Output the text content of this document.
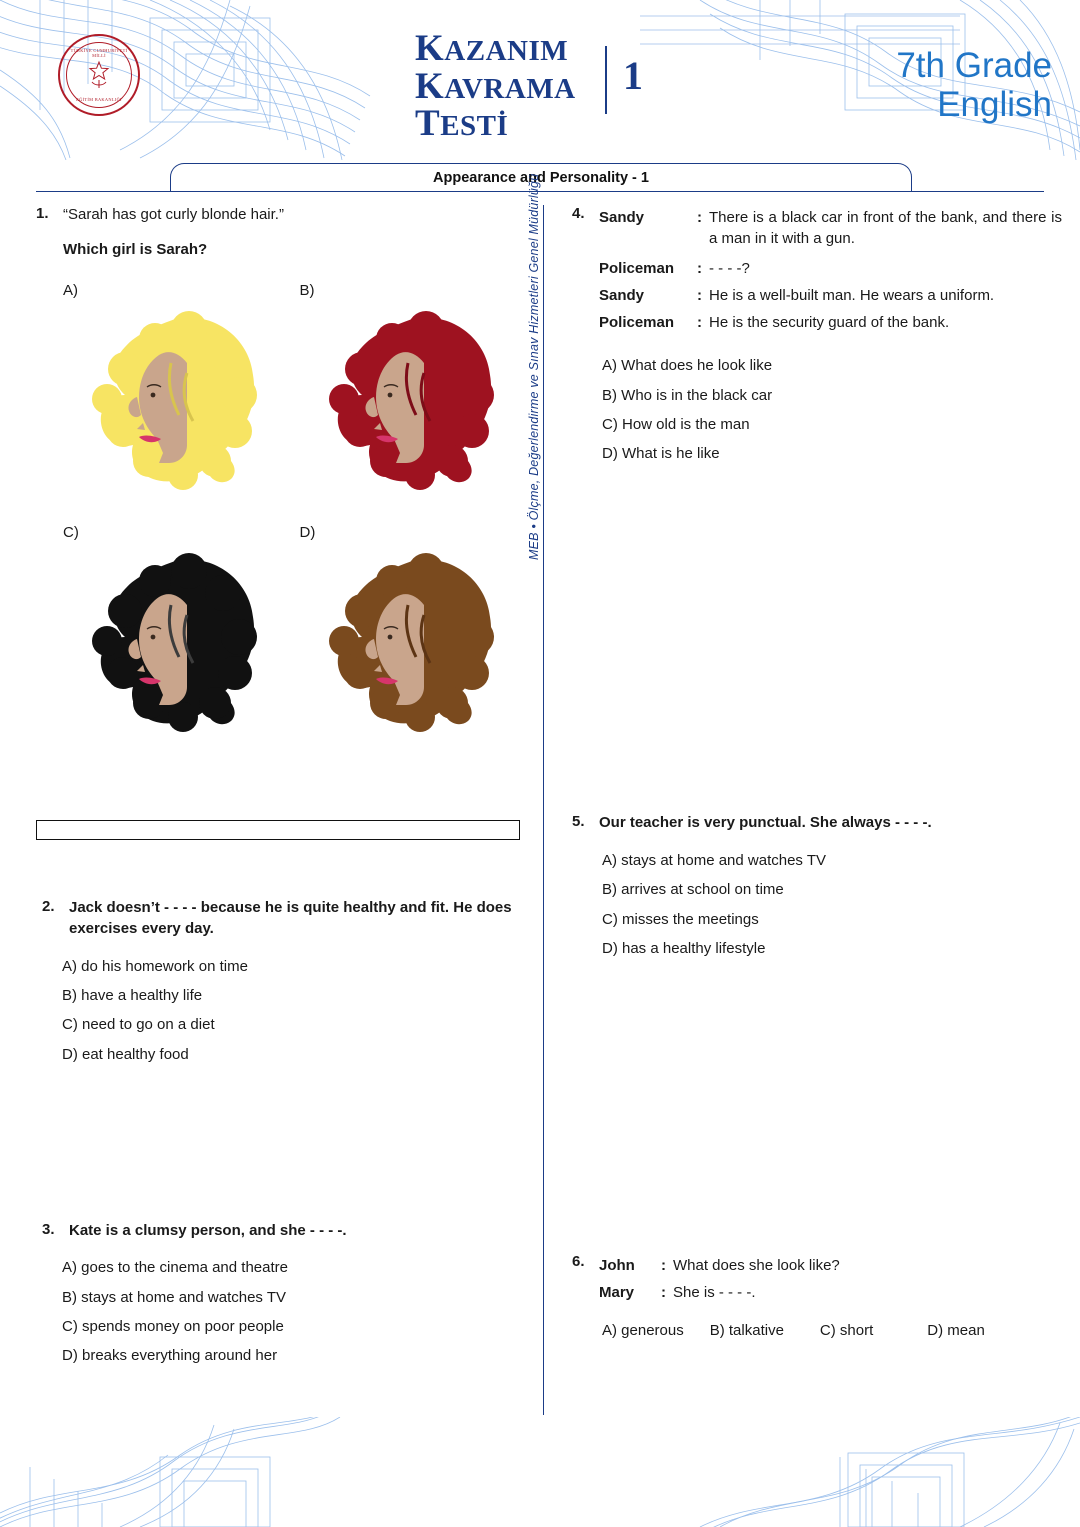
TÜRKİYE CUMHURİYETİ MİLLİ
EĞİTİM BAKANLIĞI
KAZANIM
KAVRAMA
TESTİ
1	7th Grade
English
Appearance and Personality - 1
MEB • Ölçme, Değerlendirme ve Sınav Hizmetleri Genel Müdürlüğü
1. “Sarah has got curly blonde hair.”
Which girl is Sarah?
A)	B)
C)	D)
2. Jack doesn’t - - - - because he is quite healthy and fit. He does exercises every day.
A) do his homework on time
B) have a healthy life
C) need to go on a diet
D) eat healthy food
3. Kate is a clumsy person, and she - - - -.
A) goes to the cinema and theatre
B) stays at home and watches TV
C) spends money on poor people
D) breaks everything around her
4. Sandy	: There is a black car in front of the bank, and there is a man in it with a gun.
Policeman	: - - - -?
Sandy	: He is a well-built man. He wears a uniform.
Policeman	: He is the security guard of the bank.
A) What does he look like
B) Who is in the black car
C) How old is the man
D) What is he like
5. Our teacher is very punctual. She always - - - -.
A) stays at home and watches TV
B) arrives at school on time
C) misses the meetings
D) has a healthy lifestyle
6. John	: What does she look like?
Mary	: She is - - - -.
A) generous B) talkative C) short	D) mean
